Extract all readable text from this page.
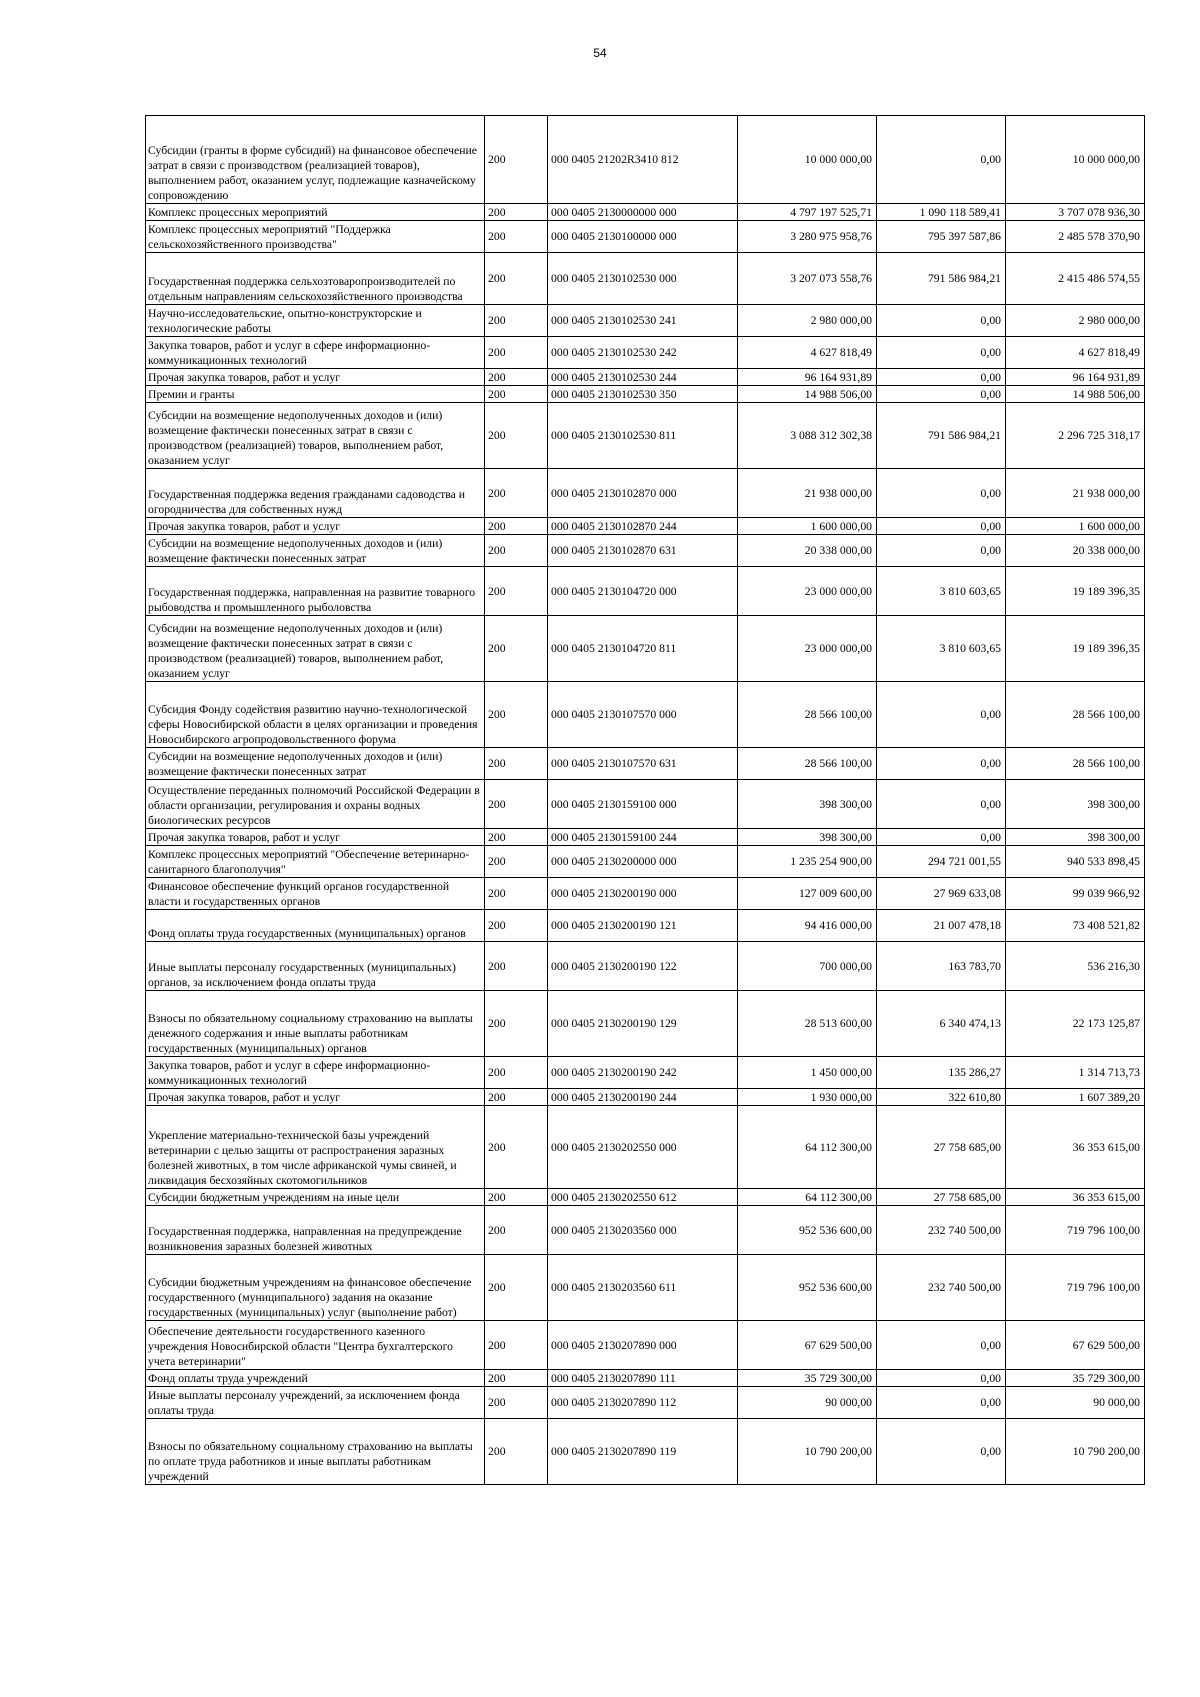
54
Субсидии (гранты в форме субсидий) на финансовое обеспечение затрат в связи с производством (реализацией товаров), выполнением работ, оказанием услуг, подлежащие казначейскому сопровождению	200	000 0405 21202R3410 812	10 000 000,00	0,00	10 000 000,00
Комплекс процессных мероприятий	200	000 0405 2130000000 000	4 797 197 525,71	1 090 118 589,41	3 707 078 936,30
Комплекс процессных мероприятий "Поддержка сельскохозяйственного производства"	200	000 0405 2130100000 000	3 280 975 958,76	795 397 587,86	2 485 578 370,90
Государственная поддержка сельхозтоваропроизводителей по отдельным направлениям сельскохозяйственного производства	200	000 0405 2130102530 000	3 207 073 558,76	791 586 984,21	2 415 486 574,55
Научно-исследовательские, опытно-конструкторские и технологические работы	200	000 0405 2130102530 241	2 980 000,00	0,00	2 980 000,00
Закупка товаров, работ и услуг в сфере информационно-коммуникационных технологий	200	000 0405 2130102530 242	4 627 818,49	0,00	4 627 818,49
Прочая закупка товаров, работ и услуг	200	000 0405 2130102530 244	96 164 931,89	0,00	96 164 931,89
Премии и гранты	200	000 0405 2130102530 350	14 988 506,00	0,00	14 988 506,00
Субсидии на возмещение недополученных доходов и (или) возмещение фактически понесенных затрат в связи с производством (реализацией) товаров, выполнением работ, оказанием услуг	200	000 0405 2130102530 811	3 088 312 302,38	791 586 984,21	2 296 725 318,17
Государственная поддержка ведения гражданами садоводства и огородничества для собственных нужд	200	000 0405 2130102870 000	21 938 000,00	0,00	21 938 000,00
Прочая закупка товаров, работ и услуг	200	000 0405 2130102870 244	1 600 000,00	0,00	1 600 000,00
Субсидии на возмещение недополученных доходов и (или) возмещение фактически понесенных затрат	200	000 0405 2130102870 631	20 338 000,00	0,00	20 338 000,00
Государственная поддержка, направленная на развитие товарного рыбоводства и промышленного рыболовства	200	000 0405 2130104720 000	23 000 000,00	3 810 603,65	19 189 396,35
Субсидии на возмещение недополученных доходов и (или) возмещение фактически понесенных затрат в связи с производством (реализацией) товаров, выполнением работ, оказанием услуг	200	000 0405 2130104720 811	23 000 000,00	3 810 603,65	19 189 396,35
Субсидия Фонду содействия развитию научно-технологической сферы Новосибирской области в целях организации и проведения Новосибирского агропродовольственного форума	200	000 0405 2130107570 000	28 566 100,00	0,00	28 566 100,00
Субсидии на возмещение недополученных доходов и (или) возмещение фактически понесенных затрат	200	000 0405 2130107570 631	28 566 100,00	0,00	28 566 100,00
Осуществление переданных полномочий Российской Федерации в области организации, регулирования и охраны водных биологических ресурсов	200	000 0405 2130159100 000	398 300,00	0,00	398 300,00
Прочая закупка товаров, работ и услуг	200	000 0405 2130159100 244	398 300,00	0,00	398 300,00
Комплекс процессных мероприятий "Обеспечение ветеринарно-санитарного благополучия"	200	000 0405 2130200000 000	1 235 254 900,00	294 721 001,55	940 533 898,45
Финансовое обеспечение функций органов государственной власти и государственных органов	200	000 0405 2130200190 000	127 009 600,00	27 969 633,08	99 039 966,92
Фонд оплаты труда государственных (муниципальных) органов	200	000 0405 2130200190 121	94 416 000,00	21 007 478,18	73 408 521,82
Иные выплаты персоналу государственных (муниципальных) органов, за исключением фонда оплаты труда	200	000 0405 2130200190 122	700 000,00	163 783,70	536 216,30
Взносы по обязательному социальному страхованию на выплаты денежного содержания и иные выплаты работникам государственных (муниципальных) органов	200	000 0405 2130200190 129	28 513 600,00	6 340 474,13	22 173 125,87
Закупка товаров, работ и услуг в сфере информационно-коммуникационных технологий	200	000 0405 2130200190 242	1 450 000,00	135 286,27	1 314 713,73
Прочая закупка товаров, работ и услуг	200	000 0405 2130200190 244	1 930 000,00	322 610,80	1 607 389,20
Укрепление материально-технической базы учреждений ветеринарии с целью защиты от распространения заразных болезней животных, в том числе африканской чумы свиней, и ликвидация бесхозяйных скотомогильников	200	000 0405 2130202550 000	64 112 300,00	27 758 685,00	36 353 615,00
Субсидии бюджетным учреждениям на иные цели	200	000 0405 2130202550 612	64 112 300,00	27 758 685,00	36 353 615,00
Государственная поддержка, направленная на предупреждение возникновения заразных болезней животных	200	000 0405 2130203560 000	952 536 600,00	232 740 500,00	719 796 100,00
Субсидии бюджетным учреждениям на финансовое обеспечение государственного (муниципального) задания на оказание государственных (муниципальных) услуг (выполнение работ)	200	000 0405 2130203560 611	952 536 600,00	232 740 500,00	719 796 100,00
Обеспечение деятельности государственного казенного учреждения Новосибирской области "Центра бухгалтерского учета ветеринарии"	200	000 0405 2130207890 000	67 629 500,00	0,00	67 629 500,00
Фонд оплаты труда учреждений	200	000 0405 2130207890 111	35 729 300,00	0,00	35 729 300,00
Иные выплаты персоналу учреждений, за исключением фонда оплаты труда	200	000 0405 2130207890 112	90 000,00	0,00	90 000,00
Взносы по обязательному социальному страхованию на выплаты по оплате труда работников и иные выплаты работникам учреждений	200	000 0405 2130207890 119	10 790 200,00	0,00	10 790 200,00
